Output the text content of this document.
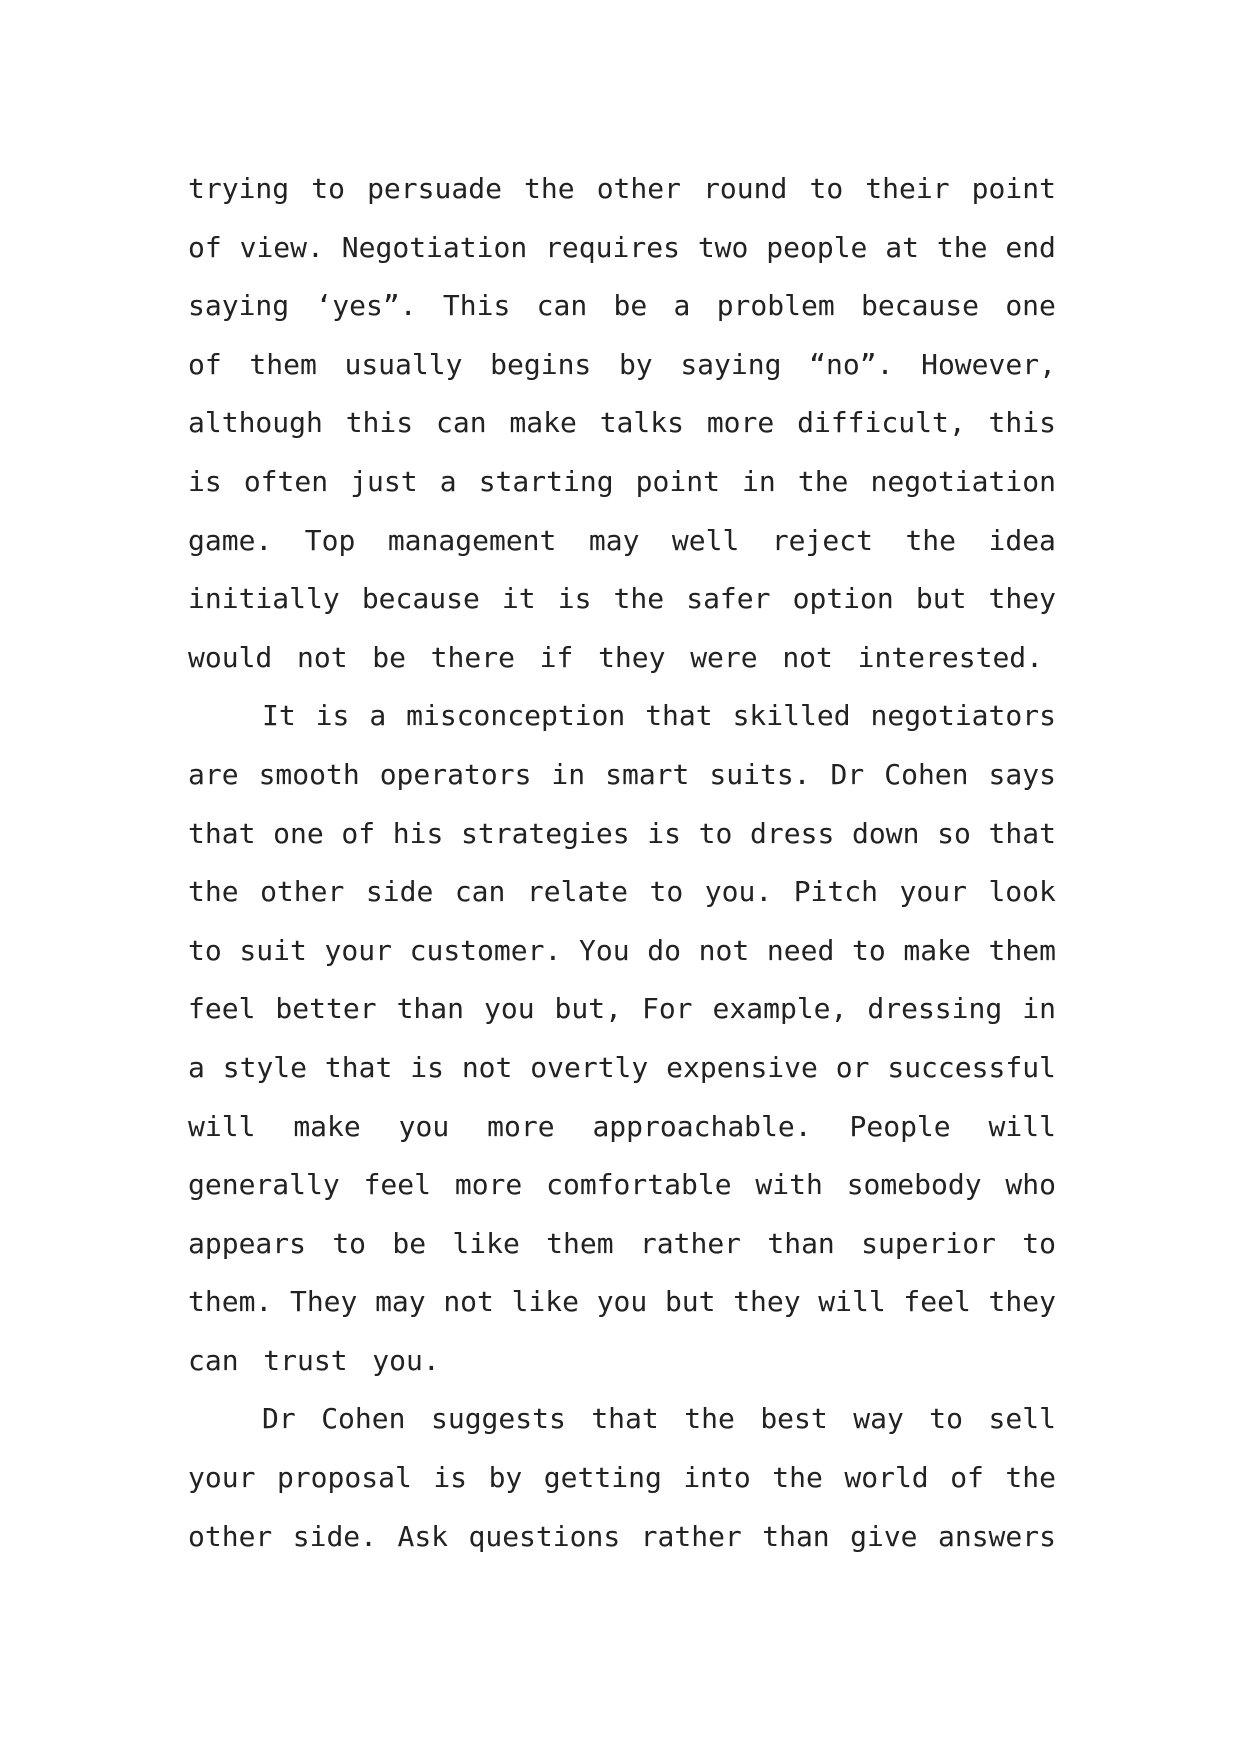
trying to persuade the other round to their point
of view. Negotiation requires two people at the end
saying ‘yes”. This can be a problem because one
of them usually begins by saying “no”. However,
although this can make talks more difficult, this
is often just a starting point in the negotiation
game. Top management may well reject the idea
initially because it is the safer option but they
would not be there if they were not interested.
It is a misconception that skilled negotiators
are smooth operators in smart suits. Dr Cohen says
that one of his strategies is to dress down so that
the other side can relate to you. Pitch your look
to suit your customer. You do not need to make them
feel better than you but, For example, dressing in
a style that is not overtly expensive or successful
will make you more approachable. People will
generally feel more comfortable with somebody who
appears to be like them rather than superior to
them. They may not like you but they will feel they
can trust you.
Dr Cohen suggests that the best way to sell
your proposal is by getting into the world of the
other side. Ask questions rather than give answers
